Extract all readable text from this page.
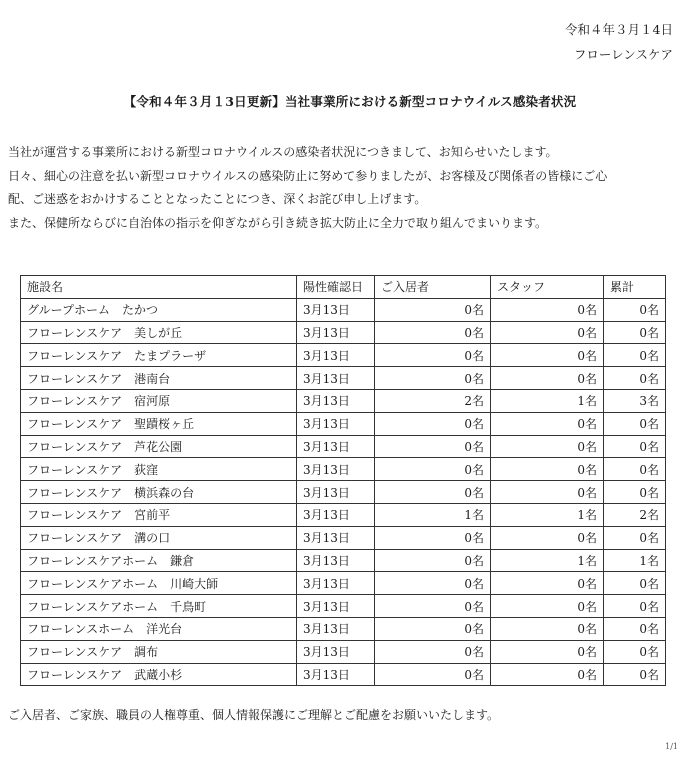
令和４年３月１4日
フローレンスケア
【令和４年３月１3日更新】当社事業所における新型コロナウイルス感染者状況

当社が運営する事業所における新型コロナウイルスの感染者状況につきまして、お知らせいたします。

日々、細心の注意を払い新型コロナウイルスの感染防止に努めて参りましたが、お客様及び関係者の皆様にご心

配、ご迷惑をおかけすることとなったことにつき、深くお詫び申し上げます。

また、保健所ならびに自治体の指示を仰ぎながら引き続き拡大防止に全力で取り組んでまいります。

施設名	陽性確認日	ご入居者	スタッフ	累計
グループホーム　たかつ	3月13日	0名	0名	0名
フローレンスケア　美しが丘	3月13日	0名	0名	0名
フローレンスケア　たまプラーザ	3月13日	0名	0名	0名
フローレンスケア　港南台	3月13日	0名	0名	0名
フローレンスケア　宿河原	3月13日	2名	1名	3名
フローレンスケア　聖蹟桜ヶ丘	3月13日	0名	0名	0名
フローレンスケア　芦花公園	3月13日	0名	0名	0名
フローレンスケア　荻窪	3月13日	0名	0名	0名
フローレンスケア　横浜森の台	3月13日	0名	0名	0名
フローレンスケア　宮前平	3月13日	1名	1名	2名
フローレンスケア　溝の口	3月13日	0名	0名	0名
フローレンスケアホーム　鎌倉	3月13日	0名	1名	1名
フローレンスケアホーム　川崎大師	3月13日	0名	0名	0名
フローレンスケアホーム　千鳥町	3月13日	0名	0名	0名
フローレンスホーム　洋光台	3月13日	0名	0名	0名
フローレンスケア　調布	3月13日	0名	0名	0名
フローレンスケア　武蔵小杉	3月13日	0名	0名	0名
ご入居者、ご家族、職員の人権尊重、個人情報保護にご理解とご配慮をお願いいたします。
1/1
